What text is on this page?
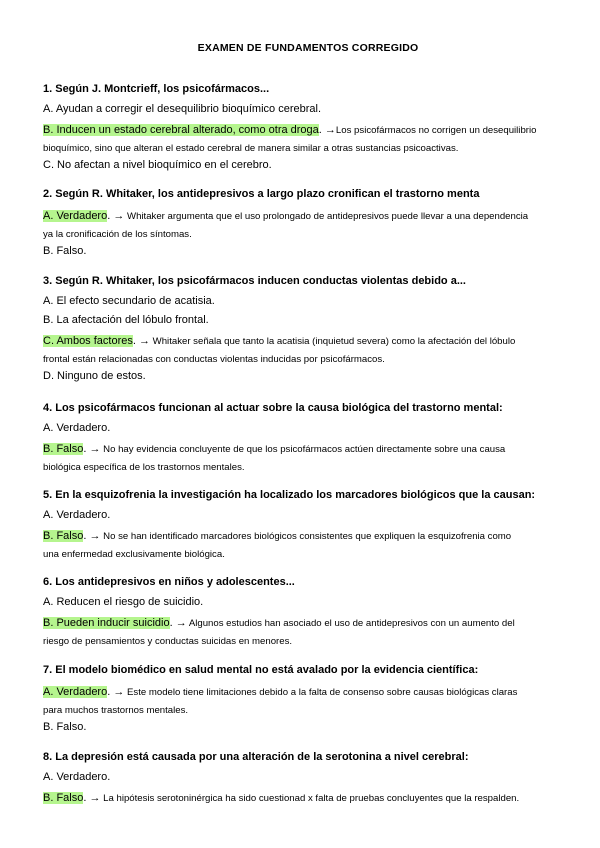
EXAMEN DE FUNDAMENTOS CORREGIDO
1. Según J. Montcrieff, los psicofármacos...
A. Ayudan a corregir el desequilibrio bioquímico cerebral.
B. Inducen un estado cerebral alterado, como otra droga. →Los psicofármacos no corrigen un desequilibrio
bioquímico, sino que alteran el estado cerebral de manera similar a otras sustancias psicoactivas.
C. No afectan a nivel bioquímico en el cerebro.
2. Según R. Whitaker, los antidepresivos a largo plazo cronifican el trastorno menta
A. Verdadero. → Whitaker argumenta que el uso prolongado de antidepresivos puede llevar a una dependencia
ya la cronificación de los síntomas.
B. Falso.
3. Según R. Whitaker, los psicofármacos inducen conductas violentas debido a...
A. El efecto secundario de acatisia.
B. La afectación del lóbulo frontal.
C. Ambos factores. → Whitaker señala que tanto la acatisia (inquietud severa) como la afectación del lóbulo
frontal están relacionadas con conductas violentas inducidas por psicofármacos.
D. Ninguno de estos.
4. Los psicofármacos funcionan al actuar sobre la causa biológica del trastorno mental:
A. Verdadero.
B. Falso. → No hay evidencia concluyente de que los psicofármacos actúen directamente sobre una causa
biológica específica de los trastornos mentales.
5. En la esquizofrenia la investigación ha localizado los marcadores biológicos que la causan:
A. Verdadero.
B. Falso. → No se han identificado marcadores biológicos consistentes que expliquen la esquizofrenia como
una enfermedad exclusivamente biológica.
6. Los antidepresivos en niños y adolescentes...
A. Reducen el riesgo de suicidio.
B. Pueden inducir suicidio. → Algunos estudios han asociado el uso de antidepresivos con un aumento del
riesgo de pensamientos y conductas suicidas en menores.
7. El modelo biomédico en salud mental no está avalado por la evidencia científica:
A. Verdadero. → Este modelo tiene limitaciones debido a la falta de consenso sobre causas biológicas claras
para muchos trastornos mentales.
B. Falso.
8. La depresión está causada por una alteración de la serotonina a nivel cerebral:
A. Verdadero.
B. Falso. → La hipótesis serotoninérgica ha sido cuestionad x falta de pruebas concluyentes que la respalden.
